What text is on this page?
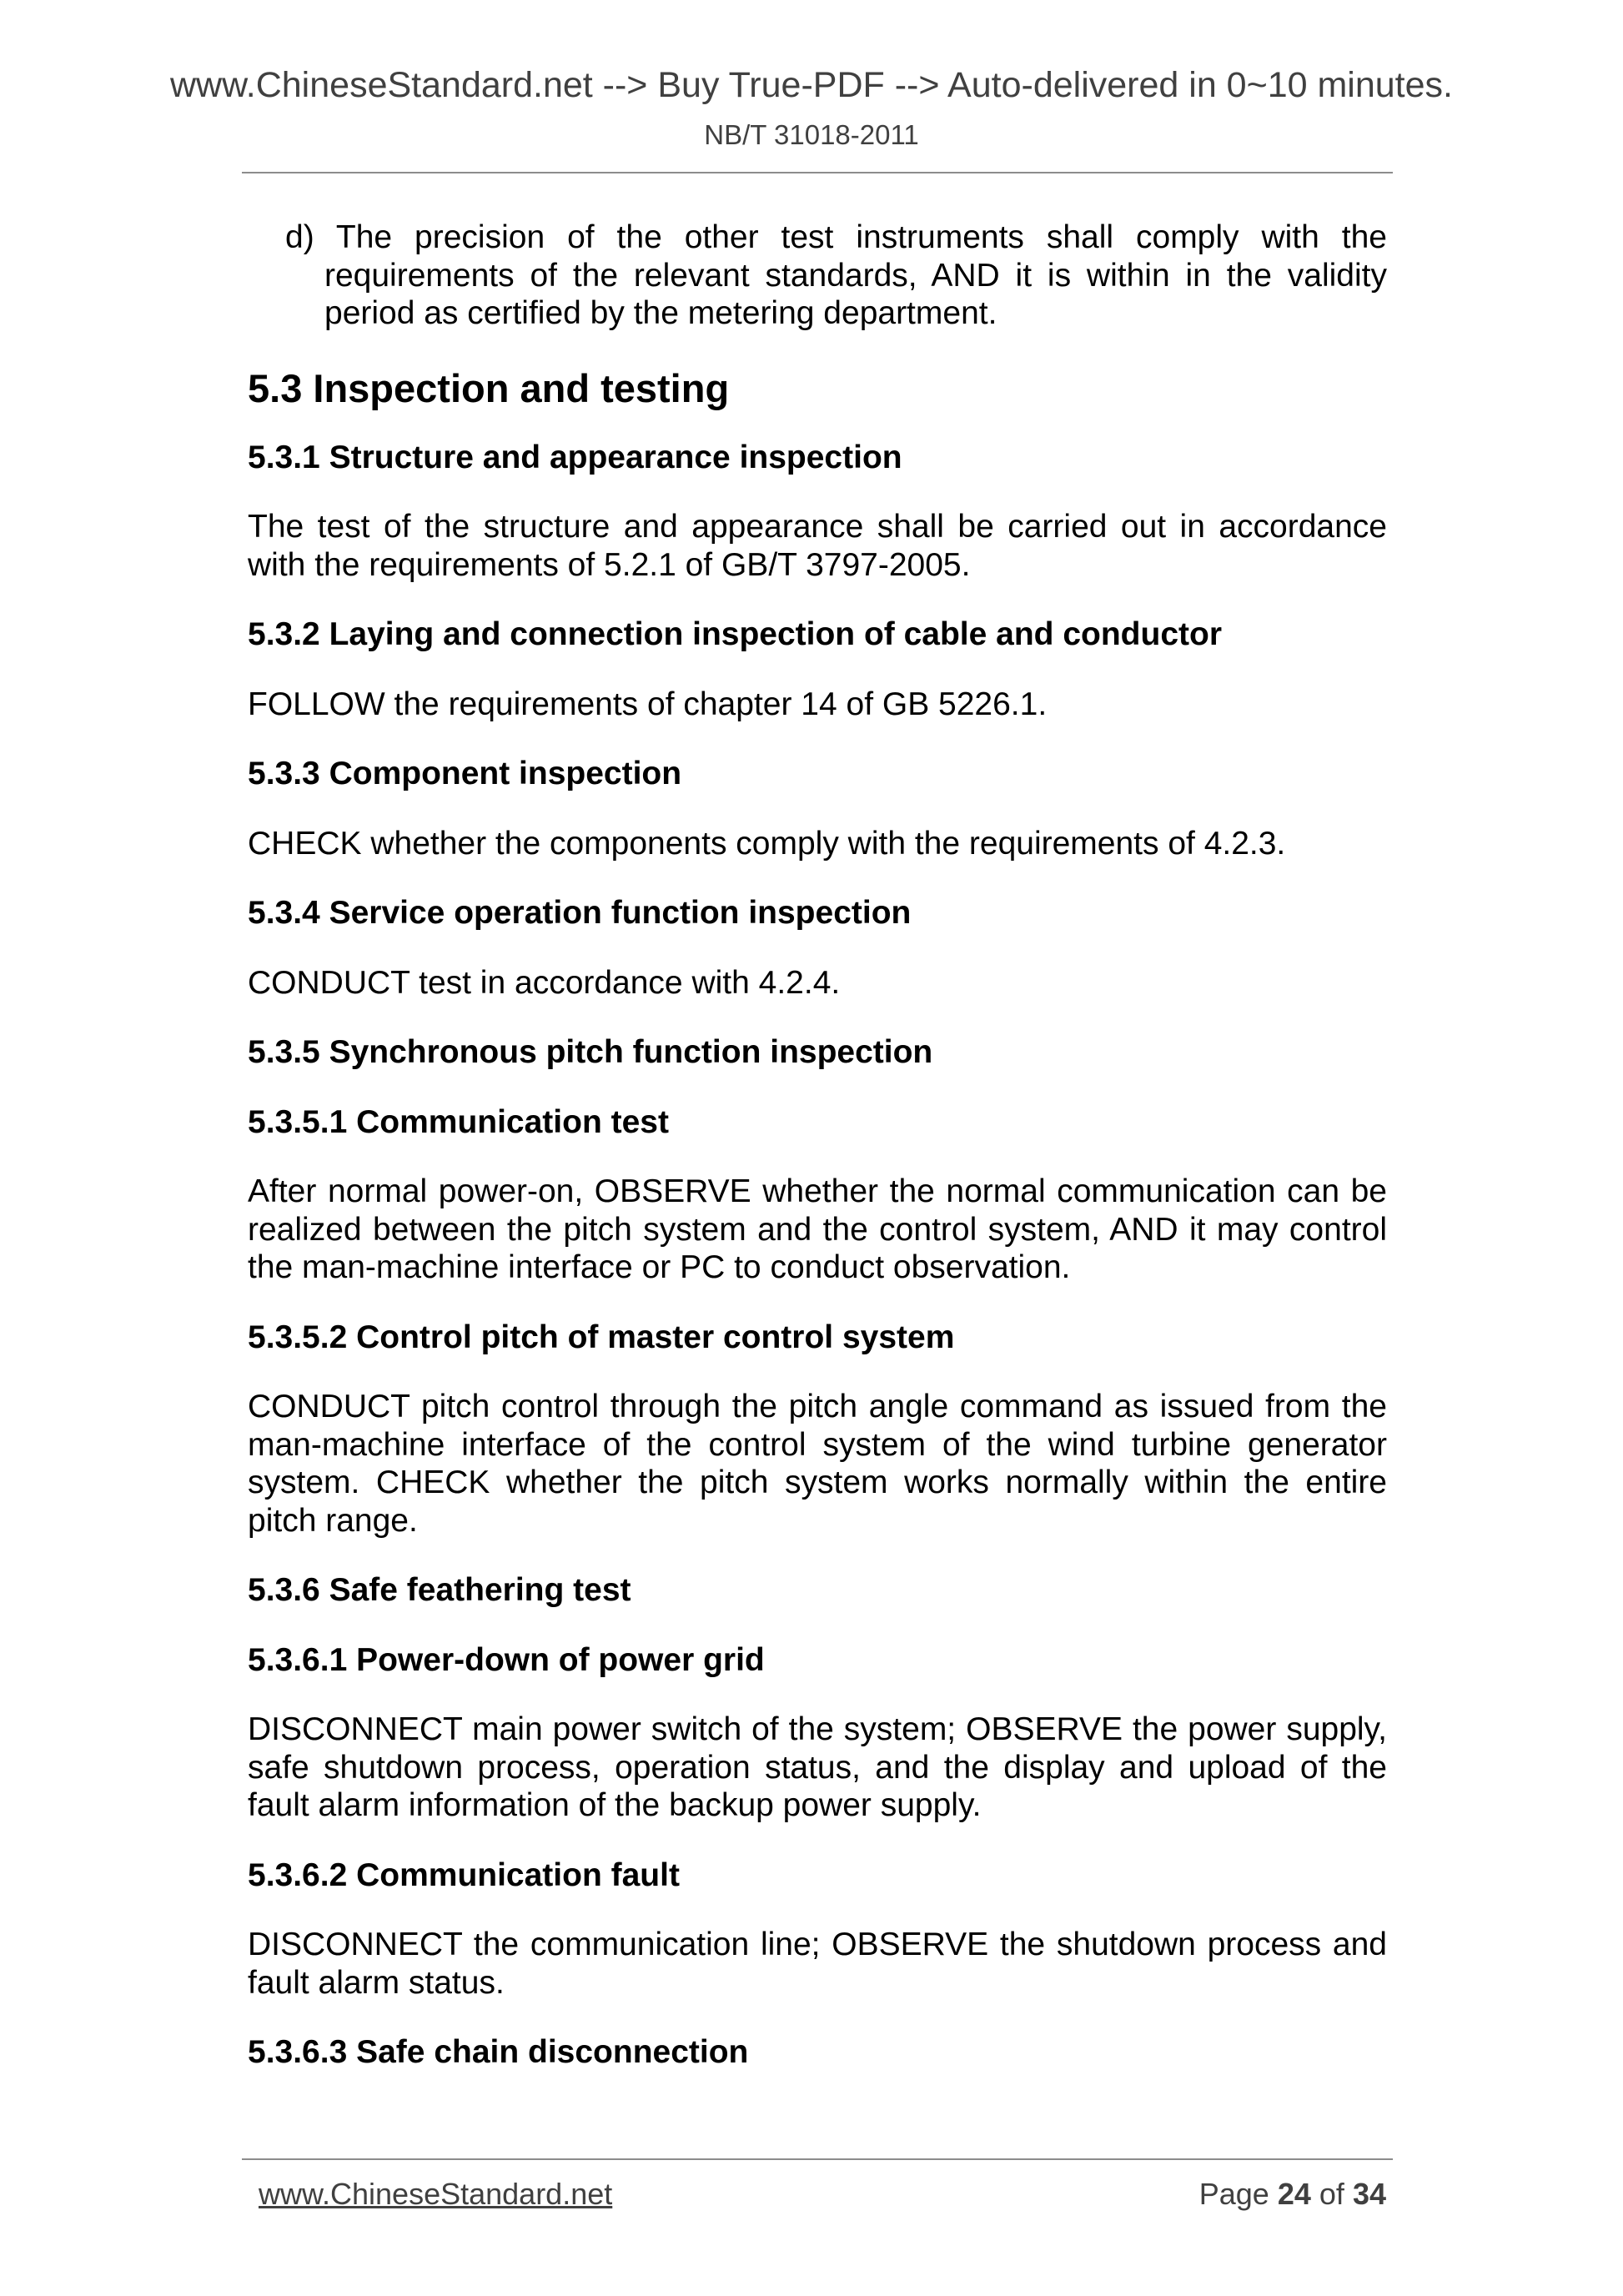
www.ChineseStandard.net --> Buy True-PDF --> Auto-delivered in 0~10 minutes.
NB/T 31018-2011

d) The precision of the other test instruments shall comply with the requirements of the relevant standards, AND it is within in the validity period as certified by the metering department.

5.3 Inspection and testing
5.3.1 Structure and appearance inspection

The test of the structure and appearance shall be carried out in accordance with the requirements of 5.2.1 of GB/T 3797-2005.

5.3.2 Laying and connection inspection of cable and conductor

FOLLOW the requirements of chapter 14 of GB 5226.1.

5.3.3 Component inspection

CHECK whether the components comply with the requirements of 4.2.3.

5.3.4 Service operation function inspection

CONDUCT test in accordance with 4.2.4.

5.3.5 Synchronous pitch function inspection
5.3.5.1 Communication test

After normal power-on, OBSERVE whether the normal communication can be realized between the pitch system and the control system, AND it may control the man-machine interface or PC to conduct observation.

5.3.5.2 Control pitch of master control system

CONDUCT pitch control through the pitch angle command as issued from the man-machine interface of the control system of the wind turbine generator system. CHECK whether the pitch system works normally within the entire pitch range.

5.3.6 Safe feathering test
5.3.6.1 Power-down of power grid

DISCONNECT main power switch of the system; OBSERVE the power supply, safe shutdown process, operation status, and the display and upload of the fault alarm information of the backup power supply.

5.3.6.2 Communication fault

DISCONNECT the communication line; OBSERVE the shutdown process and fault alarm status.

5.3.6.3 Safe chain disconnection
www.ChineseStandard.net	Page 24 of 34
